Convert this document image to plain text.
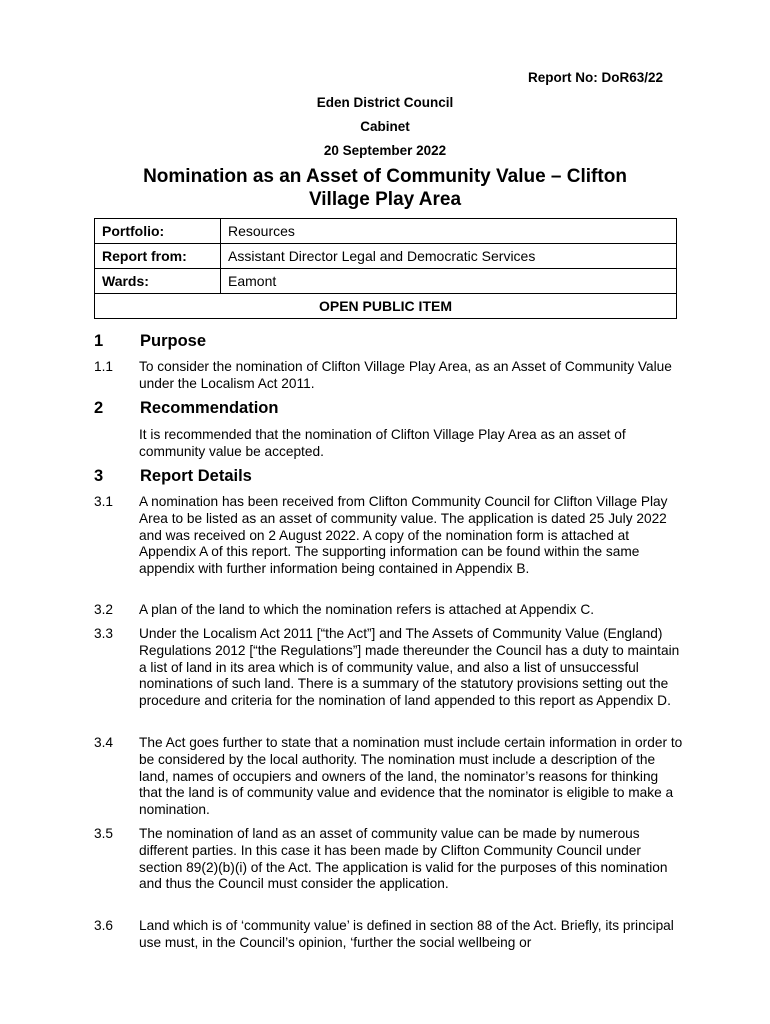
Report No: DoR63/22
Eden District Council
Cabinet
20 September 2022
Nomination as an Asset of Community Value – Clifton
Village Play Area
Portfolio:	Resources
Report from:	Assistant Director Legal and Democratic Services
Wards:	Eamont
OPEN PUBLIC ITEM	
1 Purpose
1.1 To consider the nomination of Clifton Village Play Area, as an Asset of Community Value under the Localism Act 2011.
2 Recommendation
It is recommended that the nomination of Clifton Village Play Area as an asset of community value be accepted.
3 Report Details
3.1 A nomination has been received from Clifton Community Council for Clifton Village Play Area to be listed as an asset of community value. The application is dated 25 July 2022 and was received on 2 August 2022. A copy of the nomination form is attached at Appendix A of this report. The supporting information can be found within the same appendix with further information being contained in Appendix B.
3.2 A plan of the land to which the nomination refers is attached at Appendix C.
3.3 Under the Localism Act 2011 [“the Act”] and The Assets of Community Value (England) Regulations 2012 [“the Regulations”] made thereunder the Council has a duty to maintain a list of land in its area which is of community value, and also a list of unsuccessful nominations of such land. There is a summary of the statutory provisions setting out the procedure and criteria for the nomination of land appended to this report as Appendix D.
3.4 The Act goes further to state that a nomination must include certain information in order to be considered by the local authority. The nomination must include a description of the land, names of occupiers and owners of the land, the nominator’s reasons for thinking that the land is of community value and evidence that the nominator is eligible to make a nomination.
3.5 The nomination of land as an asset of community value can be made by numerous different parties. In this case it has been made by Clifton Community Council under section 89(2)(b)(i) of the Act. The application is valid for the purposes of this nomination and thus the Council must consider the application.
3.6 Land which is of ‘community value’ is defined in section 88 of the Act. Briefly, its principal use must, in the Council’s opinion, ‘further the social wellbeing or
